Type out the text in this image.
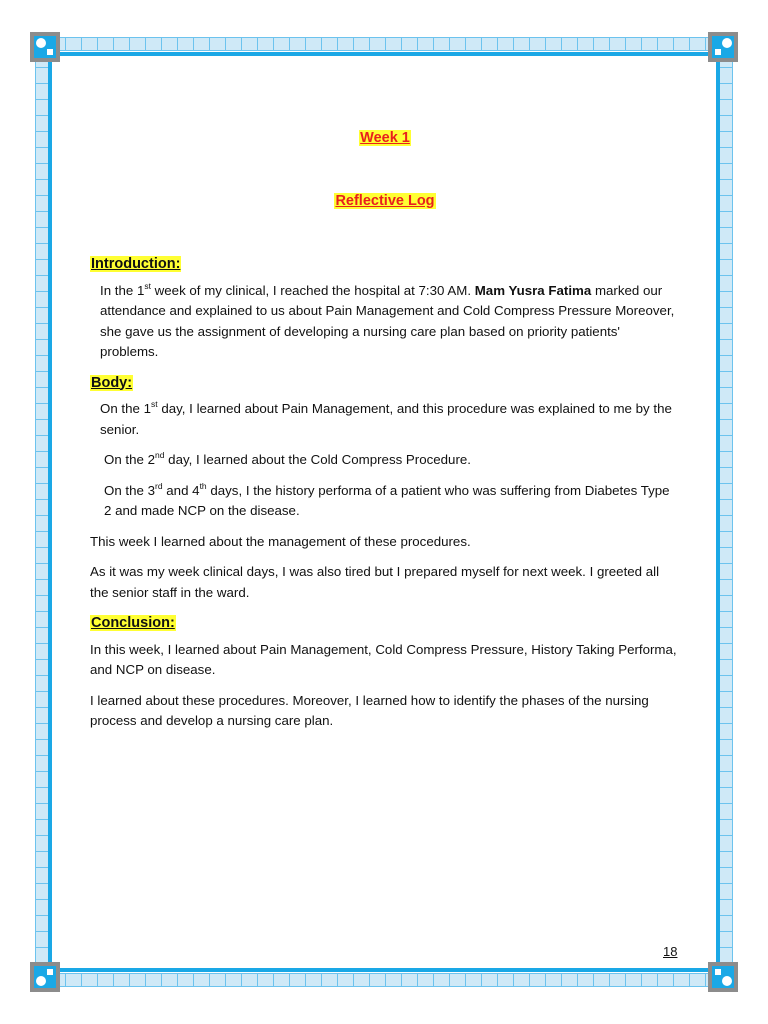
Week 1
Reflective Log
Introduction:

In the 1st week of my clinical, I reached the hospital at 7:30 AM. Mam Yusra Fatima marked our attendance and explained to us about Pain Management and Cold Compress Pressure Moreover, she gave us the assignment of developing a nursing care plan based on priority patients' problems.

Body:

On the 1st day, I learned about Pain Management, and this procedure was explained to me by the senior.

On the 2nd day, I learned about the Cold Compress Procedure.

On the 3rd and 4th days, I the history performa of a patient who was suffering from Diabetes Type 2 and made NCP on the disease.

This week I learned about the management of these procedures.

As it was my week clinical days, I was also tired but I prepared myself for next week. I greeted all the senior staff in the ward.

Conclusion:

In this week, I learned about Pain Management, Cold Compress Pressure, History Taking Performa, and NCP on disease.

I learned about these procedures. Moreover, I learned how to identify the phases of the nursing process and develop a nursing care plan.

18
